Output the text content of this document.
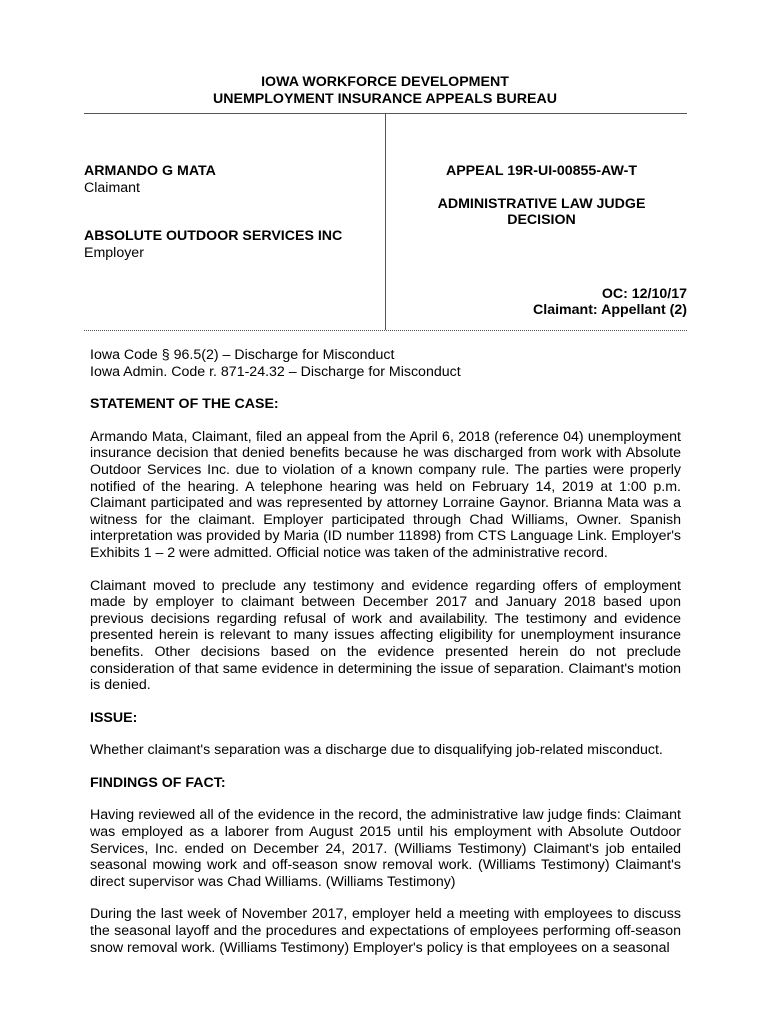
IOWA WORKFORCE DEVELOPMENT
UNEMPLOYMENT INSURANCE APPEALS BUREAU
ARMANDO G MATA
Claimant
ABSOLUTE OUTDOOR SERVICES INC
Employer
APPEAL 19R-UI-00855-AW-T
ADMINISTRATIVE LAW JUDGE
DECISION
OC: 12/10/17
Claimant: Appellant (2)
Iowa Code § 96.5(2) – Discharge for Misconduct
Iowa Admin. Code r. 871-24.32 – Discharge for Misconduct
STATEMENT OF THE CASE:

Armando Mata, Claimant, filed an appeal from the April 6, 2018 (reference 04) unemployment insurance decision that denied benefits because he was discharged from work with Absolute Outdoor Services Inc. due to violation of a known company rule. The parties were properly notified of the hearing. A telephone hearing was held on February 14, 2019 at 1:00 p.m. Claimant participated and was represented by attorney Lorraine Gaynor. Brianna Mata was a witness for the claimant. Employer participated through Chad Williams, Owner. Spanish interpretation was provided by Maria (ID number 11898) from CTS Language Link. Employer's Exhibits 1 – 2 were admitted. Official notice was taken of the administrative record.

Claimant moved to preclude any testimony and evidence regarding offers of employment made by employer to claimant between December 2017 and January 2018 based upon previous decisions regarding refusal of work and availability. The testimony and evidence presented herein is relevant to many issues affecting eligibility for unemployment insurance benefits. Other decisions based on the evidence presented herein do not preclude consideration of that same evidence in determining the issue of separation. Claimant's motion is denied.

ISSUE:

Whether claimant's separation was a discharge due to disqualifying job-related misconduct.

FINDINGS OF FACT:

Having reviewed all of the evidence in the record, the administrative law judge finds: Claimant was employed as a laborer from August 2015 until his employment with Absolute Outdoor Services, Inc. ended on December 24, 2017. (Williams Testimony) Claimant's job entailed seasonal mowing work and off-season snow removal work. (Williams Testimony) Claimant's direct supervisor was Chad Williams. (Williams Testimony)

During the last week of November 2017, employer held a meeting with employees to discuss the seasonal layoff and the procedures and expectations of employees performing off-season snow removal work. (Williams Testimony) Employer's policy is that employees on a seasonal
